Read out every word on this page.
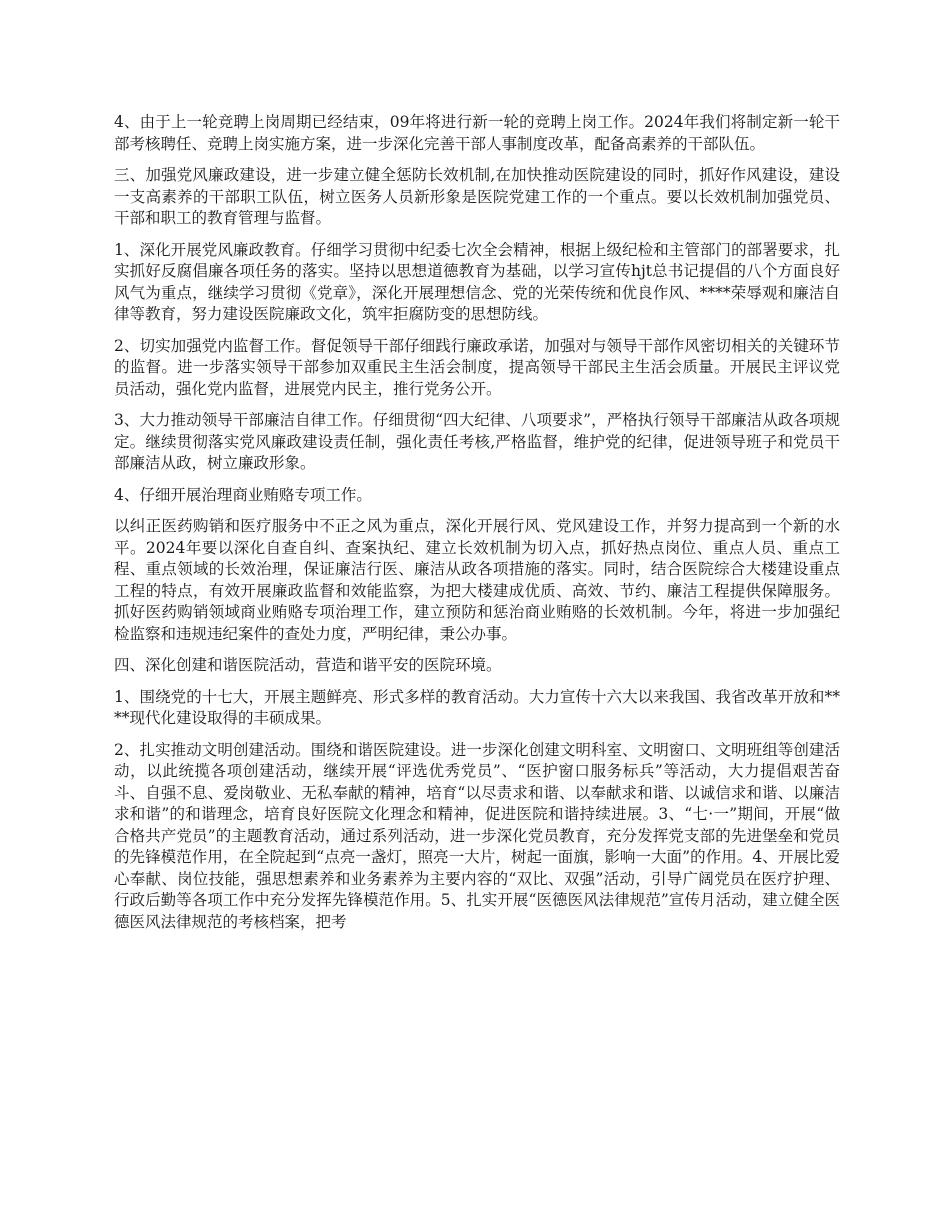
4、由于上一轮竞聘上岗周期已经结束，09年将进行新一轮的竞聘上岗工作。2024年我们将制定新一轮干部考核聘任、竞聘上岗实施方案，进一步深化完善干部人事制度改革，配备高素养的干部队伍。

三、加强党风廉政建设，进一步建立健全惩防长效机制,在加快推动医院建设的同时，抓好作风建设，建设一支高素养的干部职工队伍，树立医务人员新形象是医院党建工作的一个重点。要以长效机制加强党员、干部和职工的教育管理与监督。

1、深化开展党风廉政教育。仔细学习贯彻中纪委七次全会精神，根据上级纪检和主管部门的部署要求，扎实抓好反腐倡廉各项任务的落实。坚持以思想道德教育为基础，以学习宣传hjt总书记提倡的八个方面良好风气为重点，继续学习贯彻《党章》，深化开展理想信念、党的光荣传统和优良作风、****荣辱观和廉洁自律等教育，努力建设医院廉政文化，筑牢拒腐防变的思想防线。

2、切实加强党内监督工作。督促领导干部仔细践行廉政承诺，加强对与领导干部作风密切相关的关键环节的监督。进一步落实领导干部参加双重民主生活会制度，提高领导干部民主生活会质量。开展民主评议党员活动，强化党内监督，进展党内民主，推行党务公开。

3、大力推动领导干部廉洁自律工作。仔细贯彻“四大纪律、八项要求”，严格执行领导干部廉洁从政各项规定。继续贯彻落实党风廉政建设责任制，强化责任考核,严格监督，维护党的纪律，促进领导班子和党员干部廉洁从政，树立廉政形象。

4、仔细开展治理商业贿赂专项工作。

以纠正医药购销和医疗服务中不正之风为重点，深化开展行风、党风建设工作，并努力提高到一个新的水平。2024年要以深化自查自纠、查案执纪、建立长效机制为切入点，抓好热点岗位、重点人员、重点工程、重点领域的长效治理，保证廉洁行医、廉洁从政各项措施的落实。同时，结合医院综合大楼建设重点工程的特点，有效开展廉政监督和效能监察，为把大楼建成优质、高效、节约、廉洁工程提供保障服务。抓好医药购销领域商业贿赂专项治理工作，建立预防和惩治商业贿赂的长效机制。今年，将进一步加强纪检监察和违规违纪案件的查处力度，严明纪律，秉公办事。

四、深化创建和谐医院活动，营造和谐平安的医院环境。

1、围绕党的十七大，开展主题鲜亮、形式多样的教育活动。大力宣传十六大以来我国、我省改革开放和****现代化建设取得的丰硕成果。

2、扎实推动文明创建活动。围绕和谐医院建设。进一步深化创建文明科室、文明窗口、文明班组等创建活动，以此统揽各项创建活动，继续开展“评选优秀党员”、“医护窗口服务标兵”等活动，大力提倡艰苦奋斗、自强不息、爱岗敬业、无私奉献的精神，培育“以尽责求和谐、以奉献求和谐、以诚信求和谐、以廉洁求和谐”的和谐理念，培育良好医院文化理念和精神，促进医院和谐持续进展。3、“七·一”期间，开展“做合格共产党员”的主题教育活动，通过系列活动，进一步深化党员教育，充分发挥党支部的先进堡垒和党员的先锋模范作用，在全院起到“点亮一盏灯，照亮一大片，树起一面旗，影响一大面”的作用。4、开展比爱心奉献、岗位技能，强思想素养和业务素养为主要内容的“双比、双强”活动，引导广阔党员在医疗护理、行政后勤等各项工作中充分发挥先锋模范作用。5、扎实开展“医德医风法律规范”宣传月活动，建立健全医德医风法律规范的考核档案，把考
